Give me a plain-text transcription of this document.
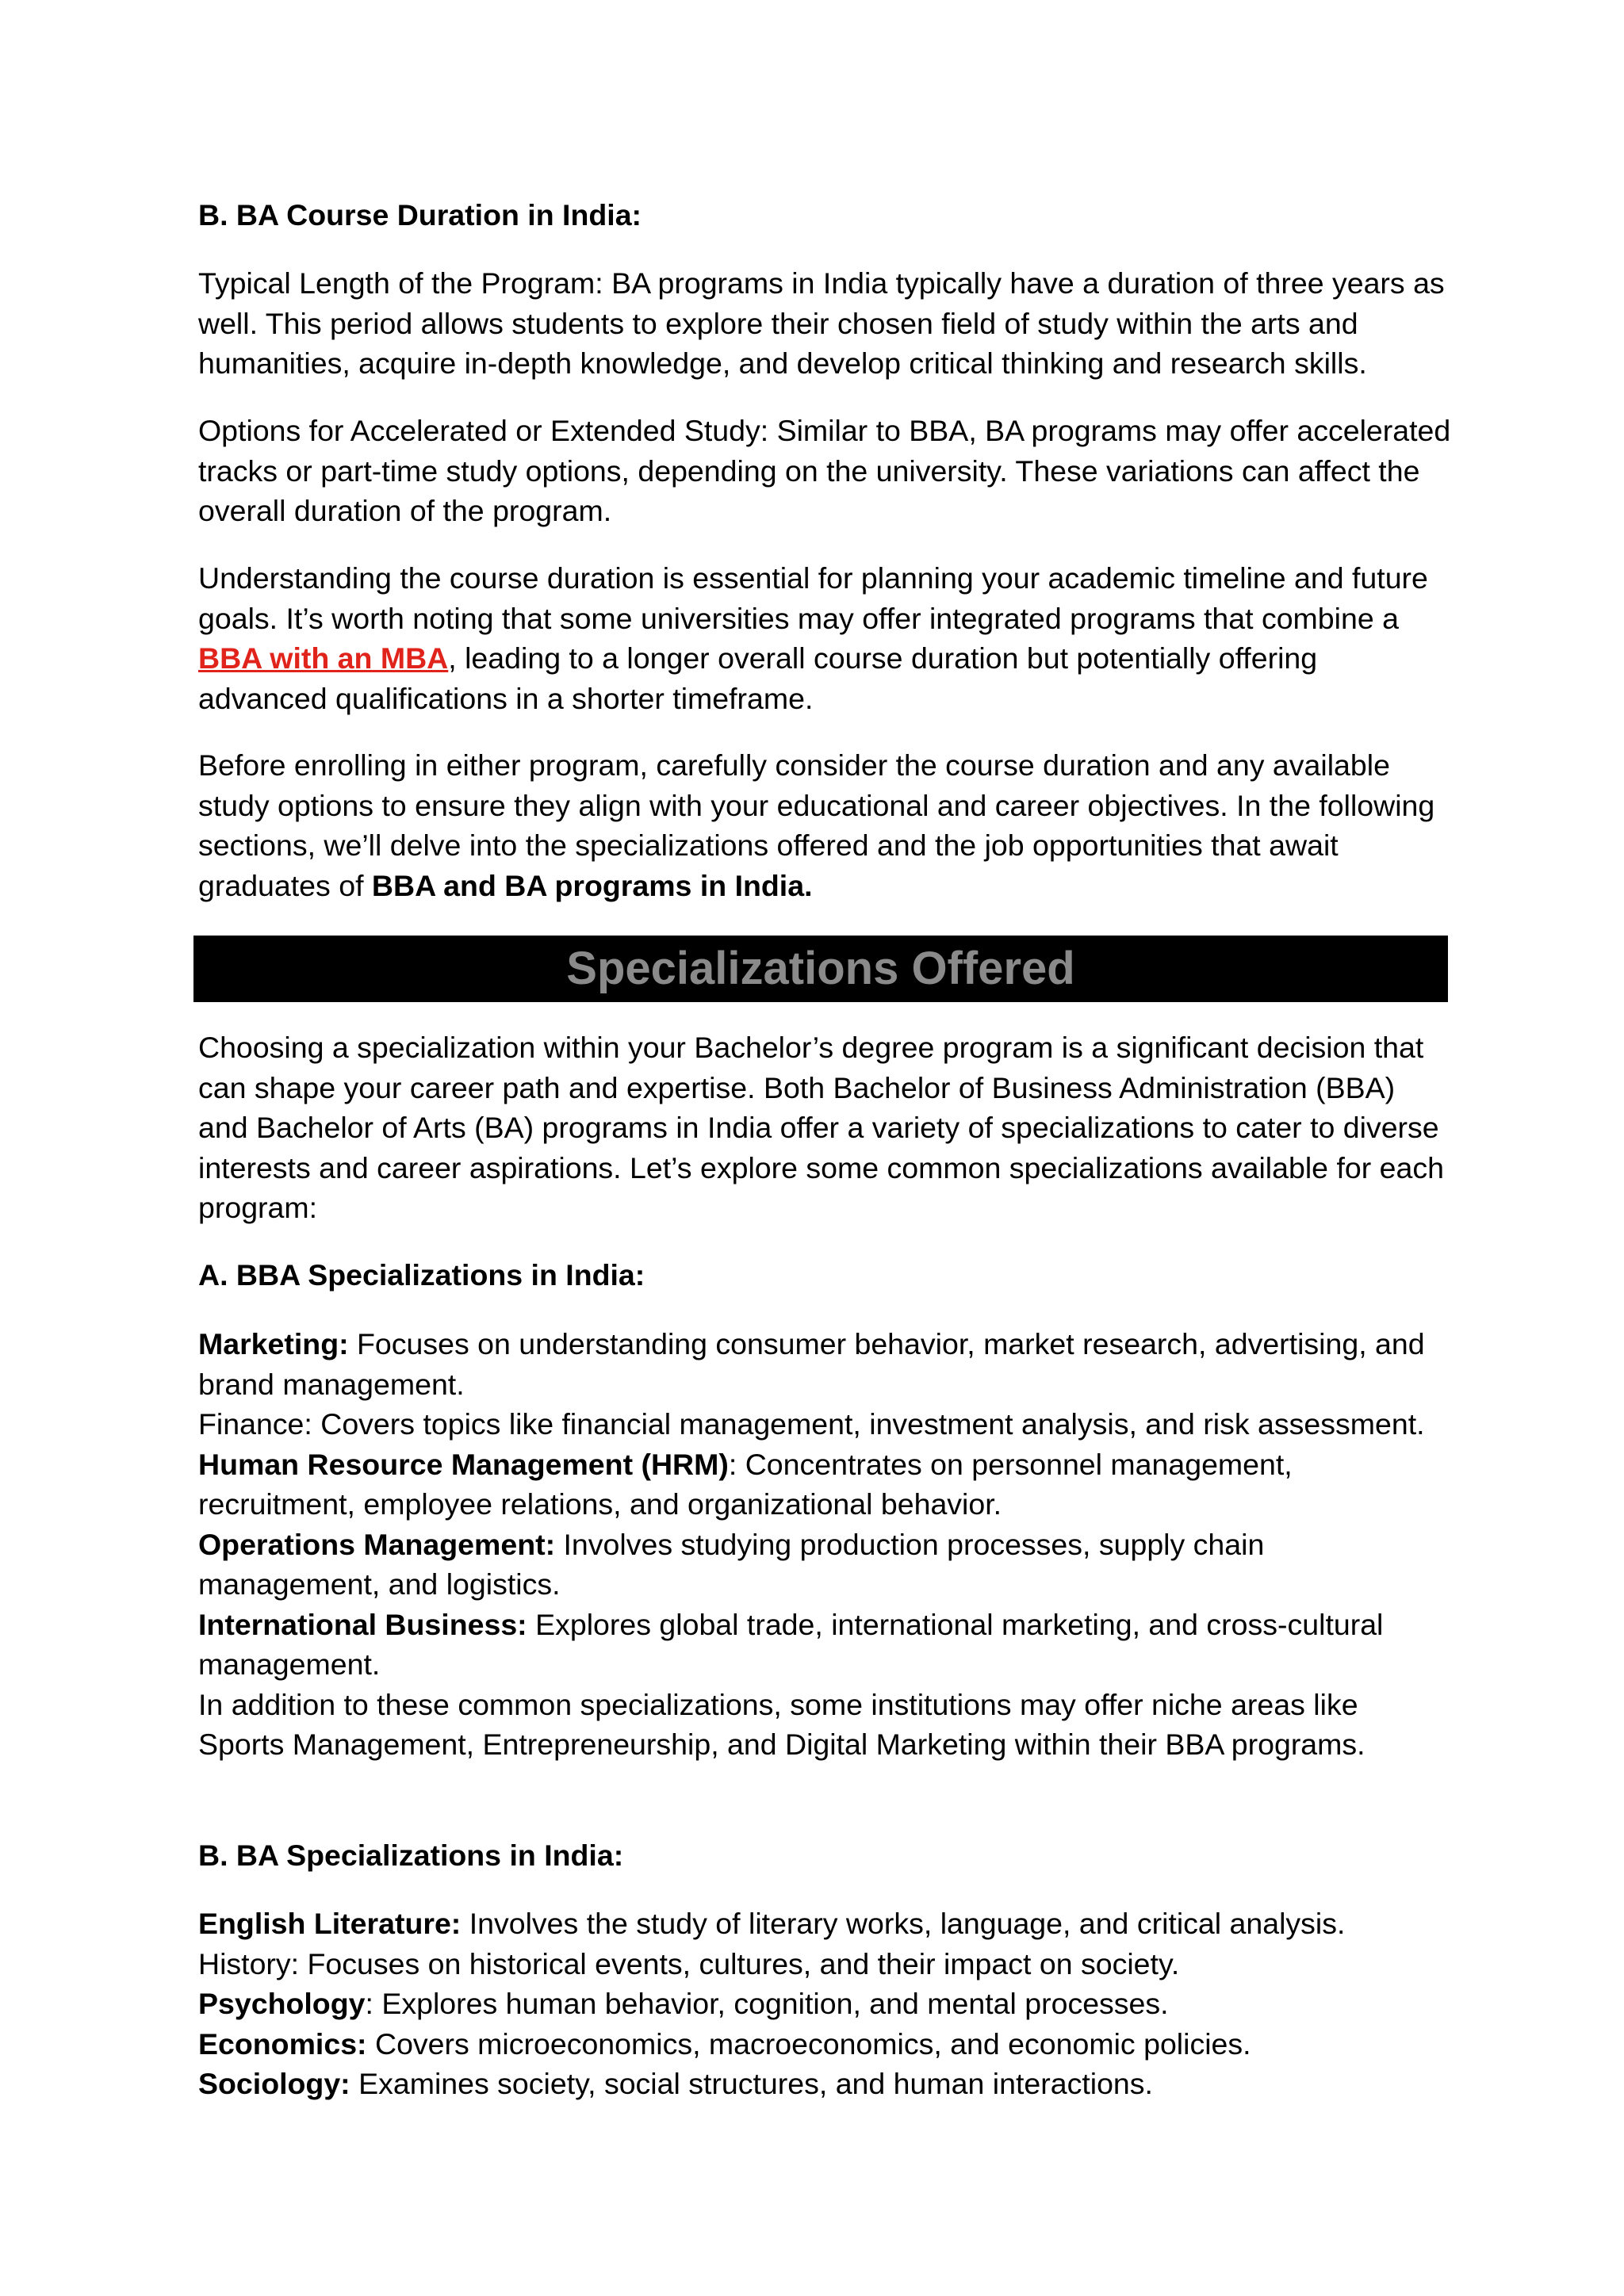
B. BA Course Duration in India:

Typical Length of the Program: BA programs in India typically have a duration of three years as well. This period allows students to explore their chosen field of study within the arts and humanities, acquire in-depth knowledge, and develop critical thinking and research skills.

Options for Accelerated or Extended Study: Similar to BBA, BA programs may offer accelerated tracks or part-time study options, depending on the university. These variations can affect the overall duration of the program.

Understanding the course duration is essential for planning your academic timeline and future goals. It’s worth noting that some universities may offer integrated programs that combine a BBA with an MBA, leading to a longer overall course duration but potentially offering advanced qualifications in a shorter timeframe.

Before enrolling in either program, carefully consider the course duration and any available study options to ensure they align with your educational and career objectives. In the following sections, we’ll delve into the specializations offered and the job opportunities that await graduates of BBA and BA programs in India.

Specializations Offered

Choosing a specialization within your Bachelor’s degree program is a significant decision that can shape your career path and expertise. Both Bachelor of Business Administration (BBA) and Bachelor of Arts (BA) programs in India offer a variety of specializations to cater to diverse interests and career aspirations. Let’s explore some common specializations available for each program:

A. BBA Specializations in India:

Marketing: Focuses on understanding consumer behavior, market research, advertising, and brand management.

Finance: Covers topics like financial management, investment analysis, and risk assessment.

Human Resource Management (HRM): Concentrates on personnel management, recruitment, employee relations, and organizational behavior.

Operations Management: Involves studying production processes, supply chain management, and logistics.

International Business: Explores global trade, international marketing, and cross-cultural management.

In addition to these common specializations, some institutions may offer niche areas like Sports Management, Entrepreneurship, and Digital Marketing within their BBA programs.

B. BA Specializations in India:

English Literature: Involves the study of literary works, language, and critical analysis.

History: Focuses on historical events, cultures, and their impact on society.

Psychology: Explores human behavior, cognition, and mental processes.

Economics: Covers microeconomics, macroeconomics, and economic policies.

Sociology: Examines society, social structures, and human interactions.
